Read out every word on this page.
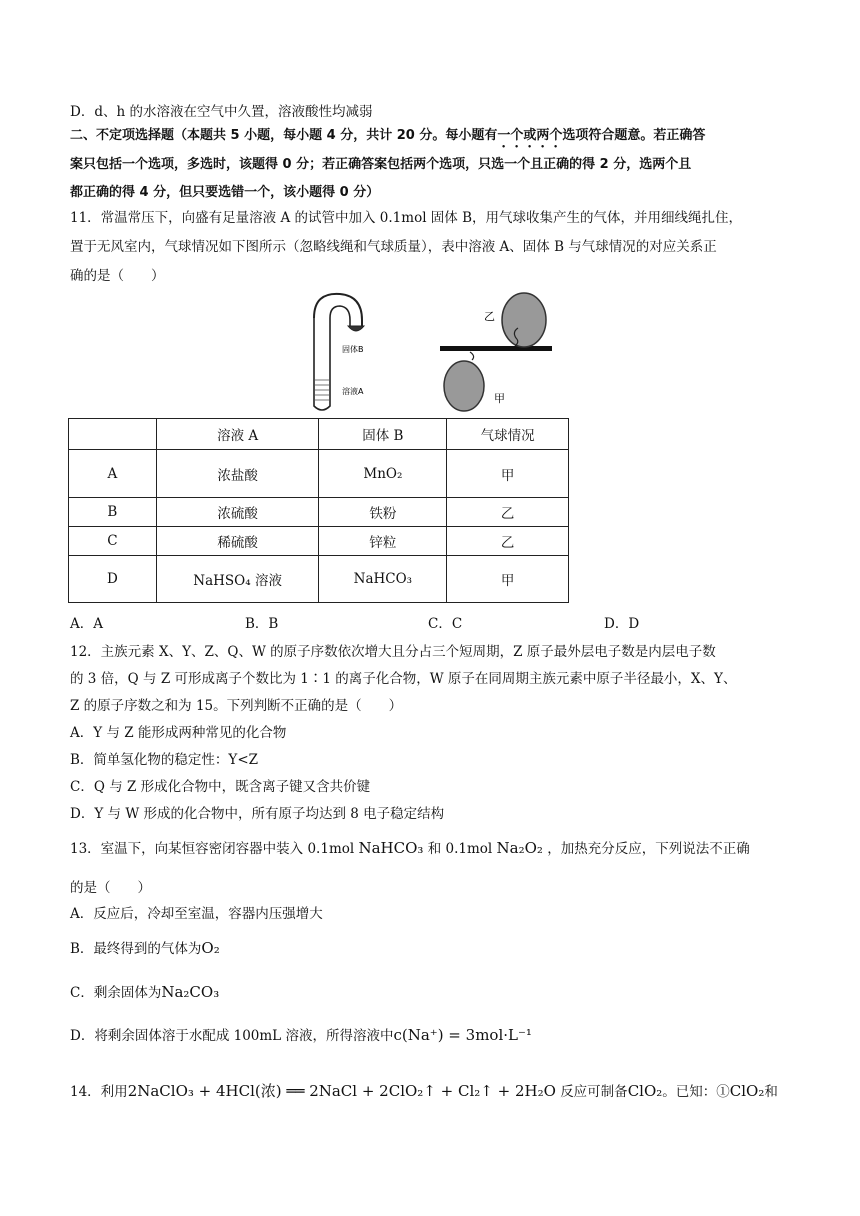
D．d、h 的水溶液在空气中久置，溶液酸性均减弱
二、不定项选择题（本题共 5 小题，每小题 4 分，共计 20 分。每小题有一个或两个选项符合题意。若正确答
案只包括一个选项，多选时，该题得 0 分；若正确答案包括两个选项，只选一个且正确的得 2 分，选两个且
都正确的得 4 分，但只要选错一个，该小题得 0 分）
11．常温常压下，向盛有足量溶液 A 的试管中加入 0.1mol 固体 B，用气球收集产生的气体，并用细线绳扎住，
置于无风室内，气球情况如下图所示（忽略线绳和气球质量），表中溶液 A、固体 B 与气球情况的对应关系正
确的是（　　）
固体B
溶液A
乙
甲
	溶液 A	固体 B	气球情况
A	浓盐酸	MnO₂	甲
B	浓硫酸	铁粉	乙
C	稀硫酸	锌粒	乙
D	NaHSO₄ 溶液	NaHCO₃	甲
A．A	B．B	C．C	D．D
12．主族元素 X、Y、Z、Q、W 的原子序数依次增大且分占三个短周期，Z 原子最外层电子数是内层电子数
的 3 倍，Q 与 Z 可形成离子个数比为 1∶1 的离子化合物，W 原子在同周期主族元素中原子半径最小，X、Y、
Z 的原子序数之和为 15。下列判断不正确的是（　　）
A．Y 与 Z 能形成两种常见的化合物
B．简单氢化物的稳定性：Y<Z
C．Q 与 Z 形成化合物中，既含离子键又含共价键
D．Y 与 W 形成的化合物中，所有原子均达到 8 电子稳定结构
13．室温下，向某恒容密闭容器中装入 0.1mol NaHCO₃ 和 0.1mol Na₂O₂ ，加热充分反应，下列说法不正确
的是（　　）
A．反应后，冷却至室温，容器内压强增大
B．最终得到的气体为O₂
C．剩余固体为Na₂CO₃
D．将剩余固体溶于水配成 100mL 溶液，所得溶液中c(Na⁺) = 3mol·L⁻¹
14．利用2NaClO₃ + 4HCl(浓) ══ 2NaCl + 2ClO₂↑ + Cl₂↑ + 2H₂O 反应可制备ClO₂。已知：①ClO₂和
